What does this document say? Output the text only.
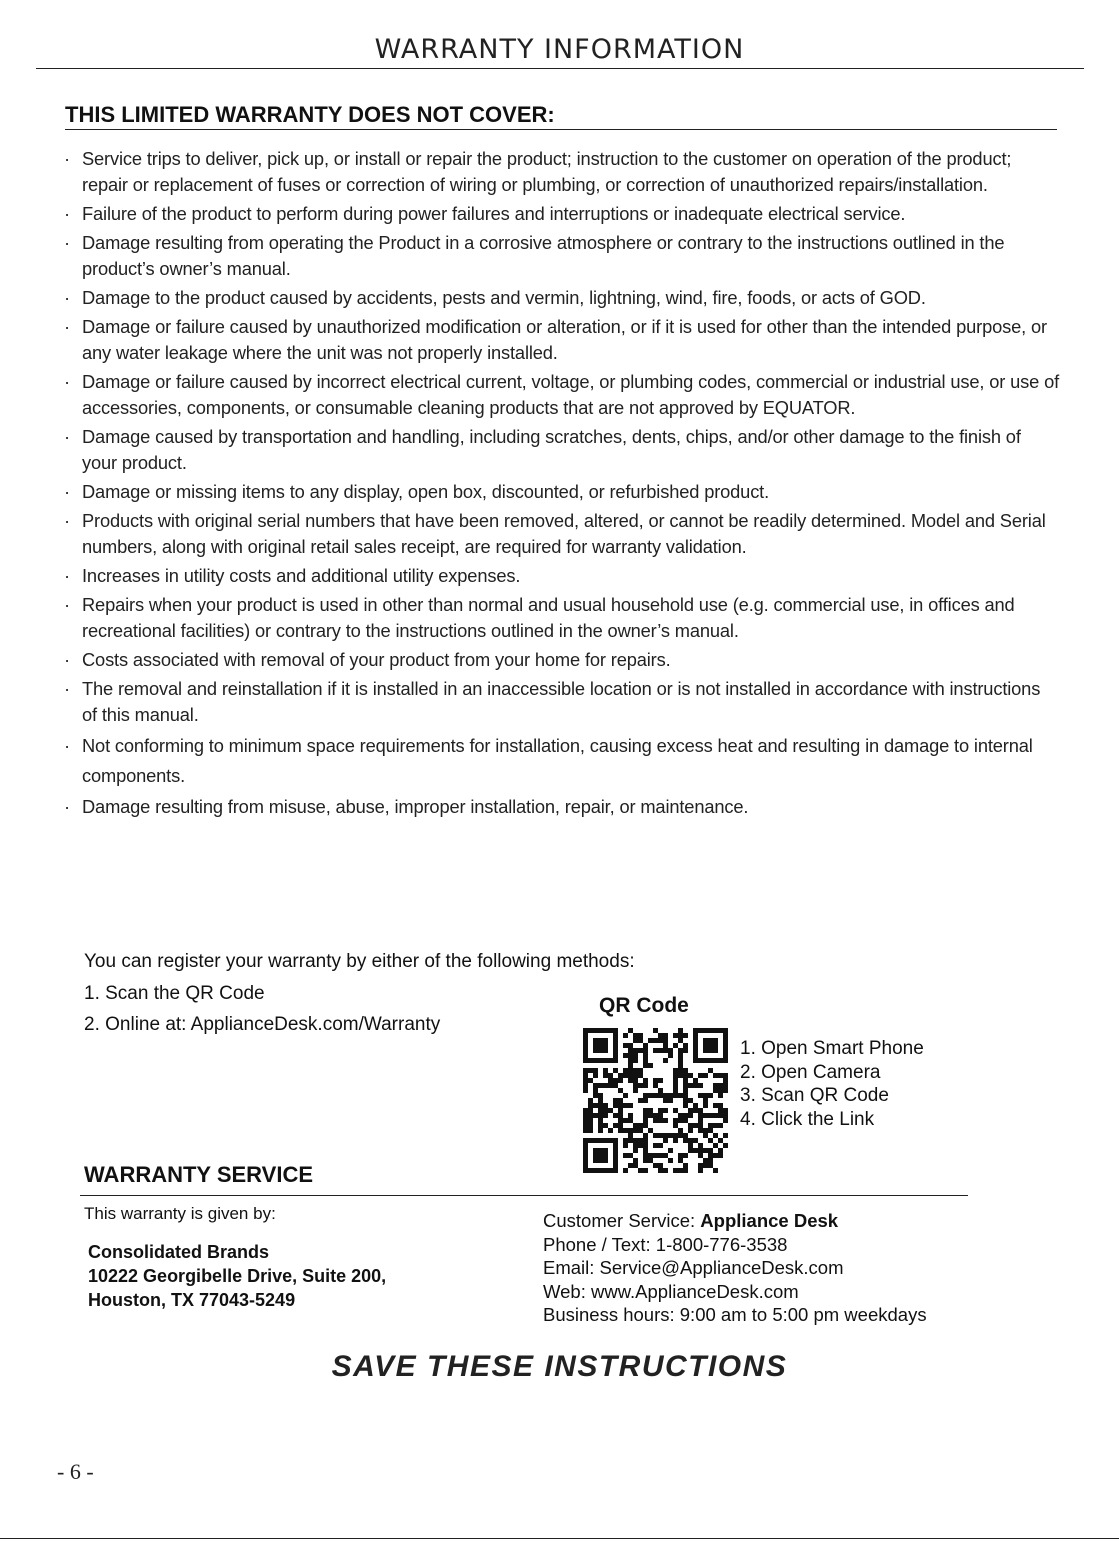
WARRANTY INFORMATION
THIS LIMITED WARRANTY DOES NOT COVER:
· Service trips to deliver, pick up, or install or repair the product; instruction to the customer on operation of the product; repair or replacement of fuses or correction of wiring or plumbing, or correction of unauthorized repairs/installation.
· Failure of the product to perform during power failures and interruptions or inadequate electrical service.
· Damage resulting from operating the Product in a corrosive atmosphere or contrary to the instructions outlined in the product’s owner’s manual.
· Damage to the product caused by accidents, pests and vermin, lightning, wind, fire, foods, or acts of GOD.
· Damage or failure caused by unauthorized modification or alteration, or if it is used for other than the intended purpose, or any water leakage where the unit was not properly installed.
· Damage or failure caused by incorrect electrical current, voltage, or plumbing codes, commercial or industrial use, or use of accessories, components, or consumable cleaning products that are not approved by EQUATOR.
· Damage caused by transportation and handling, including scratches, dents, chips, and/or other damage to the finish of your product.
· Damage or missing items to any display, open box, discounted, or refurbished product.
· Products with original serial numbers that have been removed, altered, or cannot be readily determined. Model and Serial numbers, along with original retail sales receipt, are required for warranty validation.
· Increases in utility costs and additional utility expenses.
· Repairs when your product is used in other than normal and usual household use (e.g. commercial use, in offices and recreational facilities) or contrary to the instructions outlined in the owner’s manual.
· Costs associated with removal of your product from your home for repairs.
· The removal and reinstallation if it is installed in an inaccessible location or is not installed in accordance with instructions of this manual.
· Not conforming to minimum space requirements for installation, causing excess heat and resulting in damage to internal components.
· Damage resulting from misuse, abuse, improper installation, repair, or maintenance.
You can register your warranty by either of the following methods:
1. Scan the QR Code
2. Online at: ApplianceDesk.com/Warranty
QR Code
1. Open Smart Phone
2. Open Camera
3. Scan QR Code
4. Click the Link
WARRANTY SERVICE
This warranty is given by:
Consolidated Brands
10222 Georgibelle Drive, Suite 200,
Houston, TX 77043-5249
Customer Service: Appliance Desk
Phone / Text: 1-800-776-3538
Email: Service@ApplianceDesk.com
Web: www.ApplianceDesk.com
Business hours: 9:00 am to 5:00 pm weekdays
SAVE THESE INSTRUCTIONS
- 6 -
